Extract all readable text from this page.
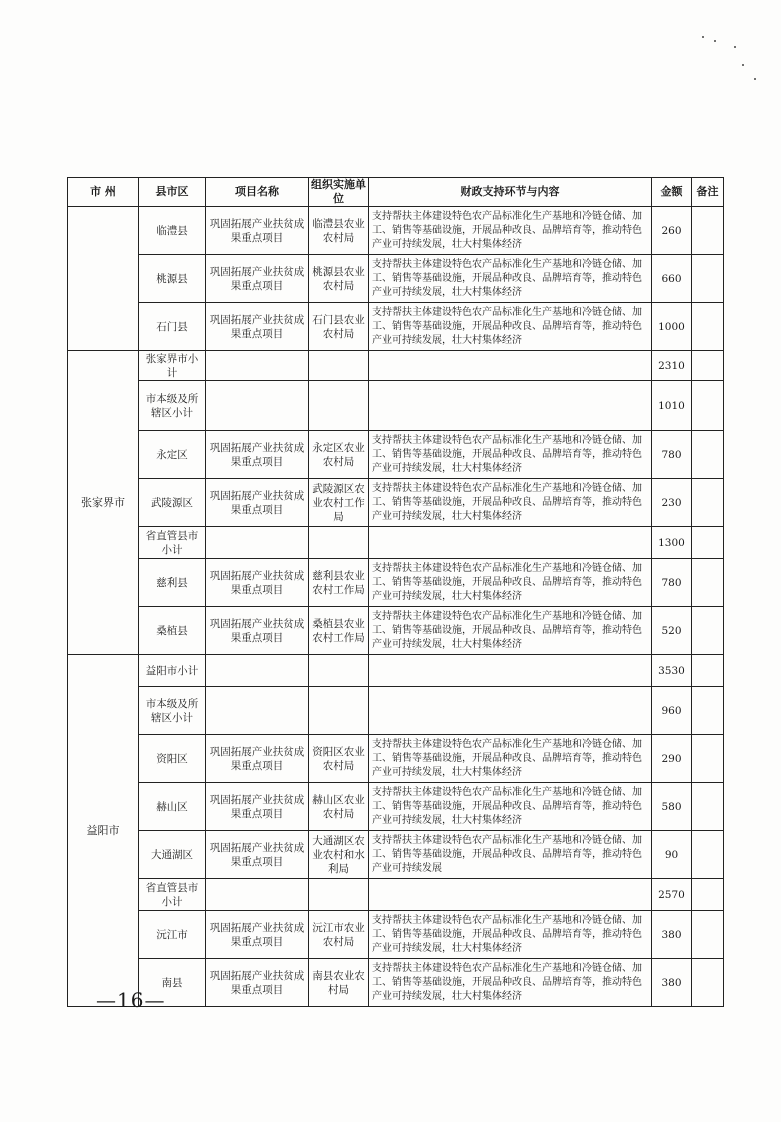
市 州	县市区	项目名称	组织实施单位	财政支持环节与内容	金额	备注
	临澧县	巩固拓展产业扶贫成果重点项目	临澧县农业农村局	支持帮扶主体建设特色农产品标准化生产基地和冷链仓储、加工、销售等基础设施，开展品种改良、品牌培育等，推动特色产业可持续发展，壮大村集体经济	260	
	桃源县	巩固拓展产业扶贫成果重点项目	桃源县农业农村局	支持帮扶主体建设特色农产品标准化生产基地和冷链仓储、加工、销售等基础设施，开展品种改良、品牌培育等，推动特色产业可持续发展，壮大村集体经济	660	
	石门县	巩固拓展产业扶贫成果重点项目	石门县农业农村局	支持帮扶主体建设特色农产品标准化生产基地和冷链仓储、加工、销售等基础设施，开展品种改良、品牌培育等，推动特色产业可持续发展，壮大村集体经济	1000	
张家界市	张家界市小计				2310	
	市本级及所辖区小计				1010	
	永定区	巩固拓展产业扶贫成果重点项目	永定区农业农村局	支持帮扶主体建设特色农产品标准化生产基地和冷链仓储、加工、销售等基础设施，开展品种改良、品牌培育等，推动特色产业可持续发展，壮大村集体经济	780	
	武陵源区	巩固拓展产业扶贫成果重点项目	武陵源区农业农村工作局	支持帮扶主体建设特色农产品标准化生产基地和冷链仓储、加工、销售等基础设施，开展品种改良、品牌培育等，推动特色产业可持续发展，壮大村集体经济	230	
	省直管县市小计				1300	
	慈利县	巩固拓展产业扶贫成果重点项目	慈利县农业农村工作局	支持帮扶主体建设特色农产品标准化生产基地和冷链仓储、加工、销售等基础设施，开展品种改良、品牌培育等，推动特色产业可持续发展，壮大村集体经济	780	
	桑植县	巩固拓展产业扶贫成果重点项目	桑植县农业农村工作局	支持帮扶主体建设特色农产品标准化生产基地和冷链仓储、加工、销售等基础设施，开展品种改良、品牌培育等，推动特色产业可持续发展，壮大村集体经济	520	
益阳市	益阳市小计				3530	
	市本级及所辖区小计				960	
	资阳区	巩固拓展产业扶贫成果重点项目	资阳区农业农村局	支持帮扶主体建设特色农产品标准化生产基地和冷链仓储、加工、销售等基础设施，开展品种改良、品牌培育等，推动特色产业可持续发展，壮大村集体经济	290	
	赫山区	巩固拓展产业扶贫成果重点项目	赫山区农业农村局	支持帮扶主体建设特色农产品标准化生产基地和冷链仓储、加工、销售等基础设施，开展品种改良、品牌培育等，推动特色产业可持续发展，壮大村集体经济	580	
	大通湖区	巩固拓展产业扶贫成果重点项目	大通湖区农业农村和水利局	支持帮扶主体建设特色农产品标准化生产基地和冷链仓储、加工、销售等基础设施，开展品种改良、品牌培育等，推动特色产业可持续发展	90	
	省直管县市小计				2570	
	沅江市	巩固拓展产业扶贫成果重点项目	沅江市农业农村局	支持帮扶主体建设特色农产品标准化生产基地和冷链仓储、加工、销售等基础设施，开展品种改良、品牌培育等，推动特色产业可持续发展，壮大村集体经济	380	
	南县	巩固拓展产业扶贫成果重点项目	南县农业农村局	支持帮扶主体建设特色农产品标准化生产基地和冷链仓储、加工、销售等基础设施，开展品种改良、品牌培育等，推动特色产业可持续发展，壮大村集体经济	380	
—16—
